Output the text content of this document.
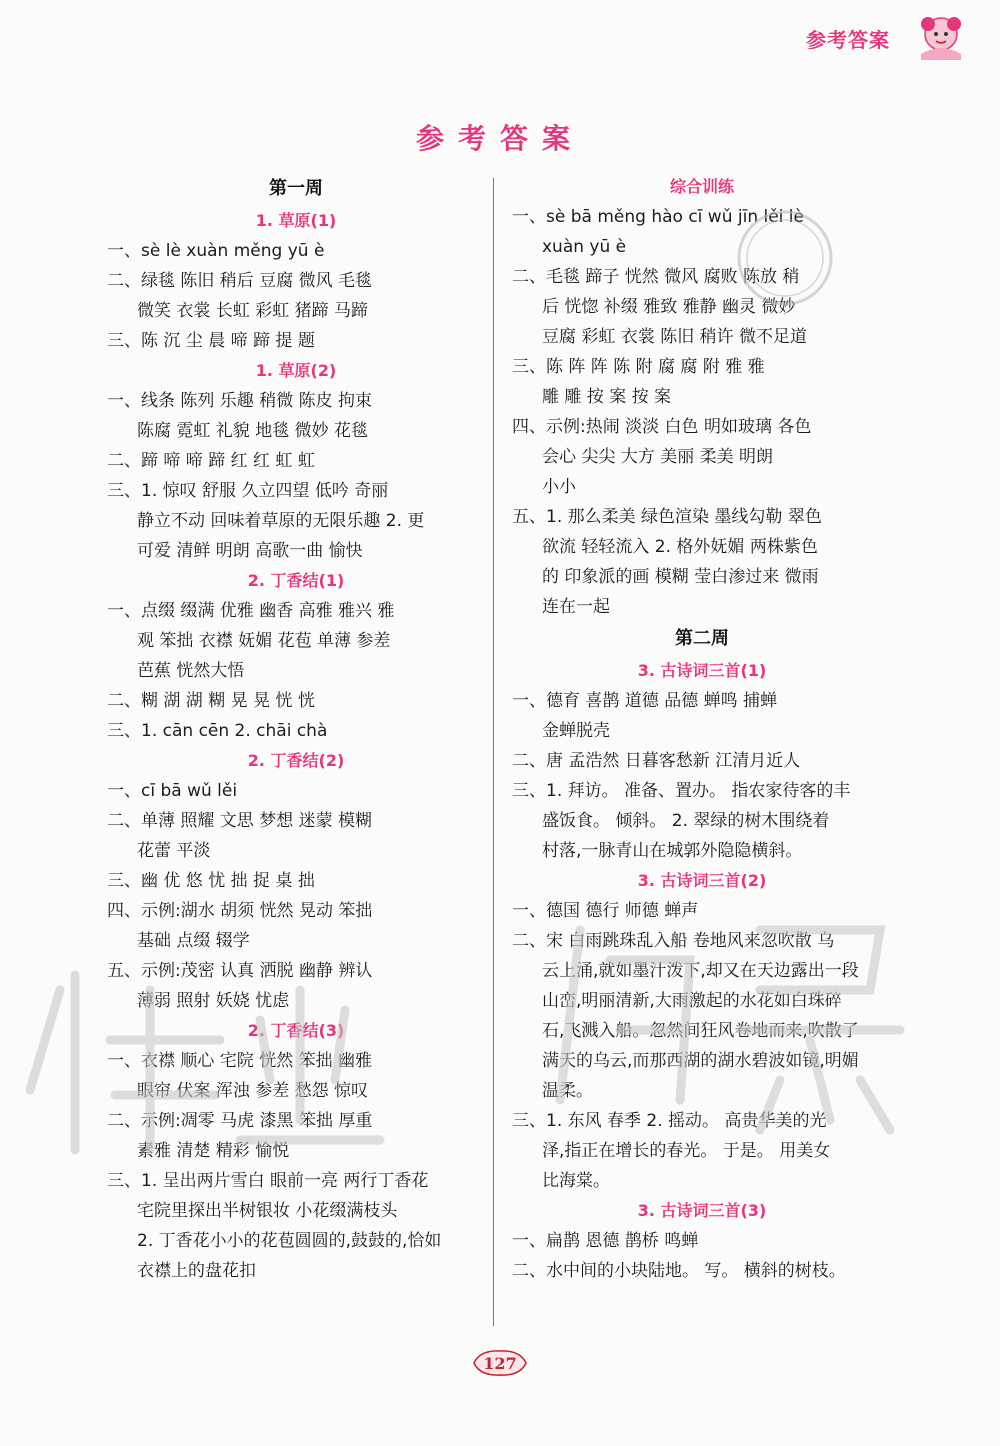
参考答案
参考答案
第一周
1. 草原(1)
一、sè lè xuàn měng yū è
二、绿毯 陈旧 稍后 豆腐 微风 毛毯
微笑 衣裳 长虹 彩虹 猪蹄 马蹄
三、陈 沉 尘 晨 啼 蹄 提 题
1. 草原(2)
一、线条 陈列 乐趣 稍微 陈皮 拘束
陈腐 霓虹 礼貌 地毯 微妙 花毯
二、蹄 啼 啼 蹄 红 红 虹 虹
三、1. 惊叹 舒服 久立四望 低吟 奇丽
静立不动 回味着草原的无限乐趣 2. 更
可爱 清鲜 明朗 高歌一曲 愉快
2. 丁香结(1)
一、点缀 缀满 优雅 幽香 高雅 雅兴 雅
观 笨拙 衣襟 妩媚 花苞 单薄 参差
芭蕉 恍然大悟
二、糊 湖 湖 糊 晃 晃 恍 恍
三、1. cān cēn 2. chāi chà
2. 丁香结(2)
一、cī bā wǔ lěi
二、单薄 照耀 文思 梦想 迷蒙 模糊
花蕾 平淡
三、幽 优 悠 忧 拙 捉 桌 拙
四、示例:湖水 胡须 恍然 晃动 笨拙
基础 点缀 辍学
五、示例:茂密 认真 洒脱 幽静 辨认
薄弱 照射 妖娆 忧虑
2. 丁香结(3)
一、衣襟 顺心 宅院 恍然 笨拙 幽雅
眼帘 伏案 浑浊 参差 愁怨 惊叹
二、示例:凋零 马虎 漆黑 笨拙 厚重
素雅 清楚 精彩 愉悦
三、1. 呈出两片雪白 眼前一亮 两行丁香花
宅院里探出半树银妆 小花缀满枝头
2. 丁香花小小的花苞圆圆的,鼓鼓的,恰如
衣襟上的盘花扣
综合训练
一、sè bā měng hào cī wǔ jīn lěi lè
xuàn yū è
二、毛毯 蹄子 恍然 微风 腐败 陈放 稍
后 恍惚 补缀 雅致 雅静 幽灵 微妙
豆腐 彩虹 衣裳 陈旧 稍许 微不足道
三、陈 阵 阵 陈 附 腐 腐 附 雅 雅
雕 雕 按 案 按 案
四、示例:热闹 淡淡 白色 明如玻璃 各色
会心 尖尖 大方 美丽 柔美 明朗
小小
五、1. 那么柔美 绿色渲染 墨线勾勒 翠色
欲流 轻轻流入 2. 格外妩媚 两株紫色
的 印象派的画 模糊 莹白渗过来 微雨
连在一起
第二周
3. 古诗词三首(1)
一、德育 喜鹊 道德 品德 蝉鸣 捕蝉
金蝉脱壳
二、唐 孟浩然 日暮客愁新 江清月近人
三、1. 拜访。 准备、置办。 指农家待客的丰
盛饭食。 倾斜。 2. 翠绿的树木围绕着
村落,一脉青山在城郭外隐隐横斜。
3. 古诗词三首(2)
一、德国 德行 师德 蝉声
二、宋 白雨跳珠乱入船 卷地风来忽吹散 乌
云上涌,就如墨汁泼下,却又在天边露出一段
山峦,明丽清新,大雨激起的水花如白珠碎
石,飞溅入船。忽然间狂风卷地而来,吹散了
满天的乌云,而那西湖的湖水碧波如镜,明媚
温柔。
三、1. 东风 春季 2. 摇动。 高贵华美的光
泽,指正在增长的春光。 于是。 用美女
比海棠。
3. 古诗词三首(3)
一、扁鹊 恩德 鹊桥 鸣蝉
二、水中间的小块陆地。 写。 横斜的树枝。
127
